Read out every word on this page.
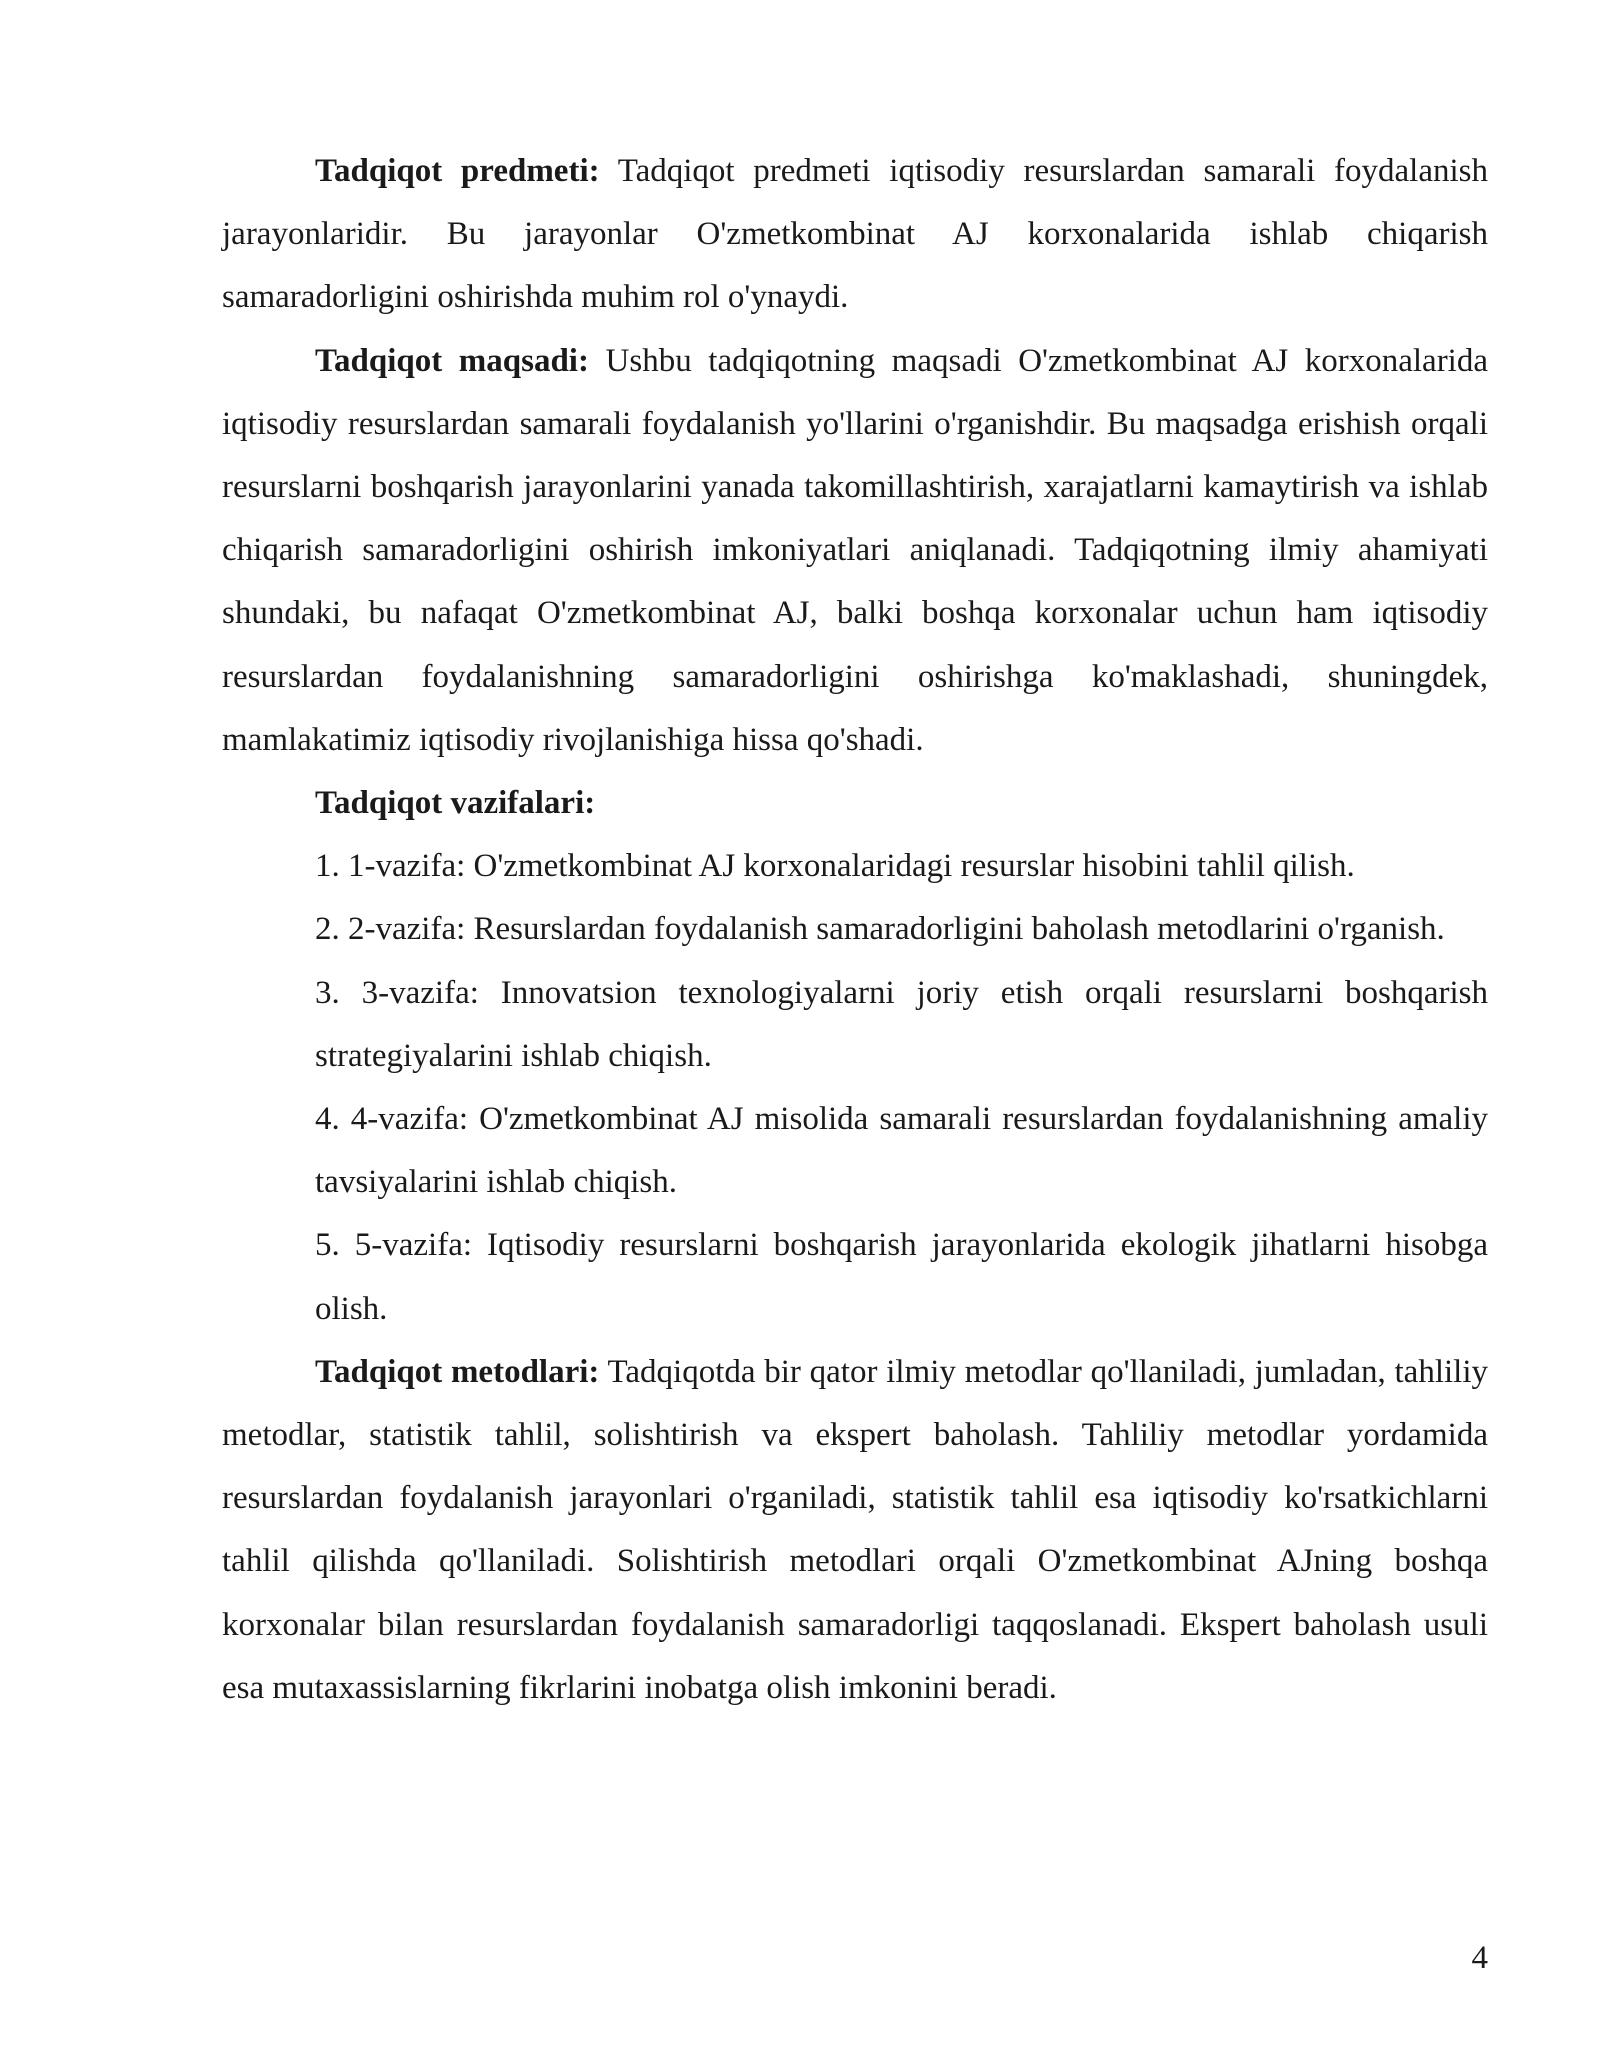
Tadqiqot predmeti: Tadqiqot predmeti iqtisodiy resurslardan samarali foydalanish jarayonlaridir. Bu jarayonlar O'zmetkombinat AJ korxonalarida ishlab chiqarish samaradorligini oshirishda muhim rol o'ynaydi.

Tadqiqot maqsadi: Ushbu tadqiqotning maqsadi O'zmetkombinat AJ korxonalarida iqtisodiy resurslardan samarali foydalanish yo'llarini o'rganishdir. Bu maqsadga erishish orqali resurslarni boshqarish jarayonlarini yanada takomillashtirish, xarajatlarni kamaytirish va ishlab chiqarish samaradorligini oshirish imkoniyatlari aniqlanadi. Tadqiqotning ilmiy ahamiyati shundaki, bu nafaqat O'zmetkombinat AJ, balki boshqa korxonalar uchun ham iqtisodiy resurslardan foydalanishning samaradorligini oshirishga ko'maklashadi, shuningdek, mamlakatimiz iqtisodiy rivojlanishiga hissa qo'shadi.

Tadqiqot vazifalari:

1. 1-vazifa: O'zmetkombinat AJ korxonalaridagi resurslar hisobini tahlil qilish.
2. 2-vazifa: Resurslardan foydalanish samaradorligini baholash metodlarini o'rganish.
3. 3-vazifa: Innovatsion texnologiyalarni joriy etish orqali resurslarni boshqarish strategiyalarini ishlab chiqish.
4. 4-vazifa: O'zmetkombinat AJ misolida samarali resurslardan foydalanishning amaliy tavsiyalarini ishlab chiqish.
5. 5-vazifa: Iqtisodiy resurslarni boshqarish jarayonlarida ekologik jihatlarni hisobga olish.

Tadqiqot metodlari: Tadqiqotda bir qator ilmiy metodlar qo'llaniladi, jumladan, tahliliy metodlar, statistik tahlil, solishtirish va ekspert baholash. Tahliliy metodlar yordamida resurslardan foydalanish jarayonlari o'rganiladi, statistik tahlil esa iqtisodiy ko'rsatkichlarni tahlil qilishda qo'llaniladi. Solishtirish metodlari orqali O'zmetkombinat AJning boshqa korxonalar bilan resurslardan foydalanish samaradorligi taqqoslanadi. Ekspert baholash usuli esa mutaxassislarning fikrlarini inobatga olish imkonini beradi.

4
